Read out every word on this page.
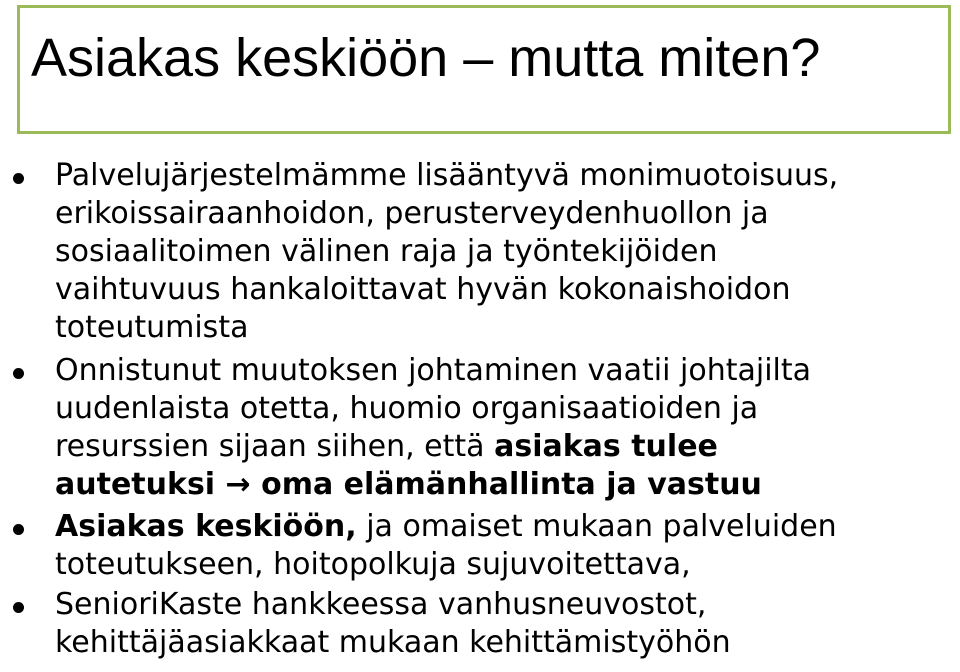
Asiakas keskiöön – mutta miten?
Palvelujärjestelmämme lisääntyvä monimuotoisuus,
erikoissairaanhoidon, perusterveydenhuollon ja
sosiaalitoimen välinen raja ja työntekijöiden
vaihtuvuus hankaloittavat hyvän kokonaishoidon
toteutumista
Onnistunut muutoksen johtaminen vaatii johtajilta
uudenlaista otetta, huomio organisaatioiden ja
resurssien sijaan siihen, että asiakas tulee
autetuksi → oma elämänhallinta ja vastuu
Asiakas keskiöön, ja omaiset mukaan palveluiden
toteutukseen, hoitopolkuja sujuvoitettava,
SenioriKaste hankkeessa vanhusneuvostot,
kehittäjäasiakkaat mukaan kehittämistyöhön
